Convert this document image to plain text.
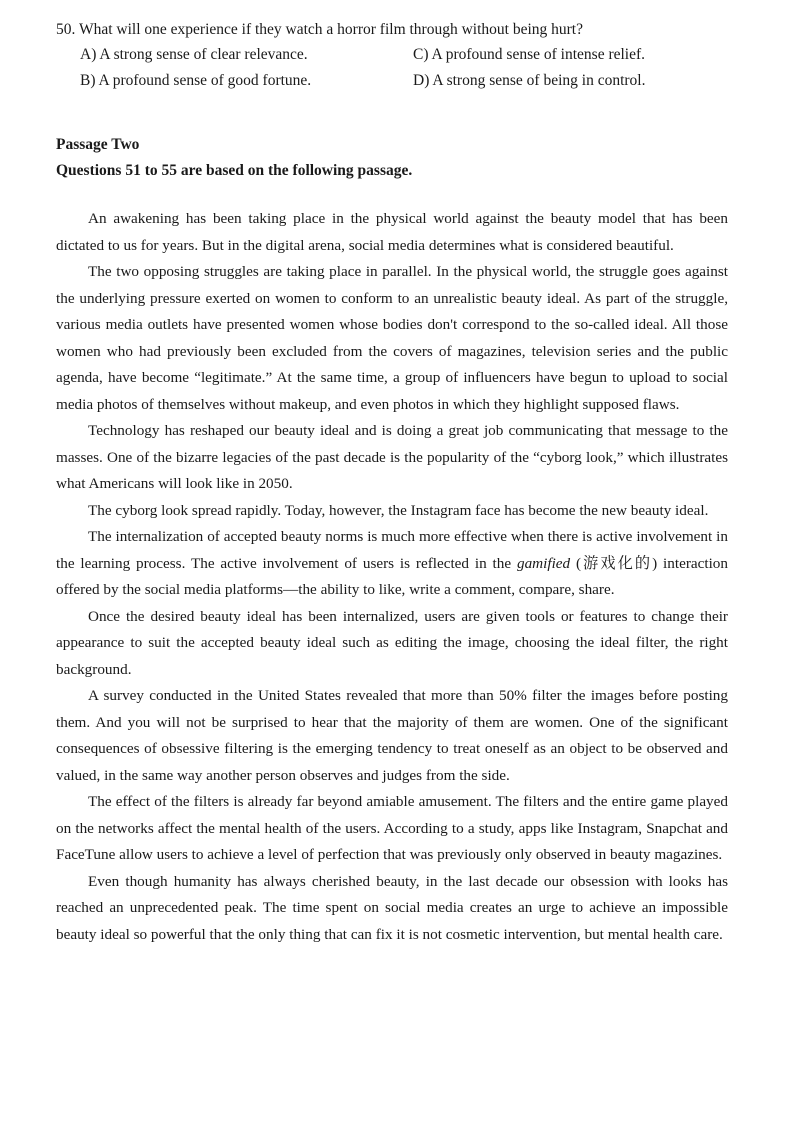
50. What will one experience if they watch a horror film through without being hurt?

A) A strong sense of clear relevance.	C) A profound sense of intense relief.
B) A profound sense of good fortune.	D) A strong sense of being in control.
Passage Two
Questions 51 to 55 are based on the following passage.

An awakening has been taking place in the physical world against the beauty model that has been dictated to us for years. But in the digital arena, social media determines what is considered beautiful.

The two opposing struggles are taking place in parallel. In the physical world, the struggle goes against the underlying pressure exerted on women to conform to an unrealistic beauty ideal. As part of the struggle, various media outlets have presented women whose bodies don't correspond to the so-called ideal. All those women who had previously been excluded from the covers of magazines, television series and the public agenda, have become “legitimate.” At the same time, a group of influencers have begun to upload to social media photos of themselves without makeup, and even photos in which they highlight supposed flaws.

Technology has reshaped our beauty ideal and is doing a great job communicating that message to the masses. One of the bizarre legacies of the past decade is the popularity of the “cyborg look,” which illustrates what Americans will look like in 2050.

The cyborg look spread rapidly. Today, however, the Instagram face has become the new beauty ideal.

The internalization of accepted beauty norms is much more effective when there is active involvement in the learning process. The active involvement of users is reflected in the gamified (游戏化的) interaction offered by the social media platforms—the ability to like, write a comment, compare, share.

Once the desired beauty ideal has been internalized, users are given tools or features to change their appearance to suit the accepted beauty ideal such as editing the image, choosing the ideal filter, the right background.

A survey conducted in the United States revealed that more than 50% filter the images before posting them. And you will not be surprised to hear that the majority of them are women. One of the significant consequences of obsessive filtering is the emerging tendency to treat oneself as an object to be observed and valued, in the same way another person observes and judges from the side.

The effect of the filters is already far beyond amiable amusement. The filters and the entire game played on the networks affect the mental health of the users. According to a study, apps like Instagram, Snapchat and FaceTune allow users to achieve a level of perfection that was previously only observed in beauty magazines.

Even though humanity has always cherished beauty, in the last decade our obsession with looks has reached an unprecedented peak. The time spent on social media creates an urge to achieve an impossible beauty ideal so powerful that the only thing that can fix it is not cosmetic intervention, but mental health care.
